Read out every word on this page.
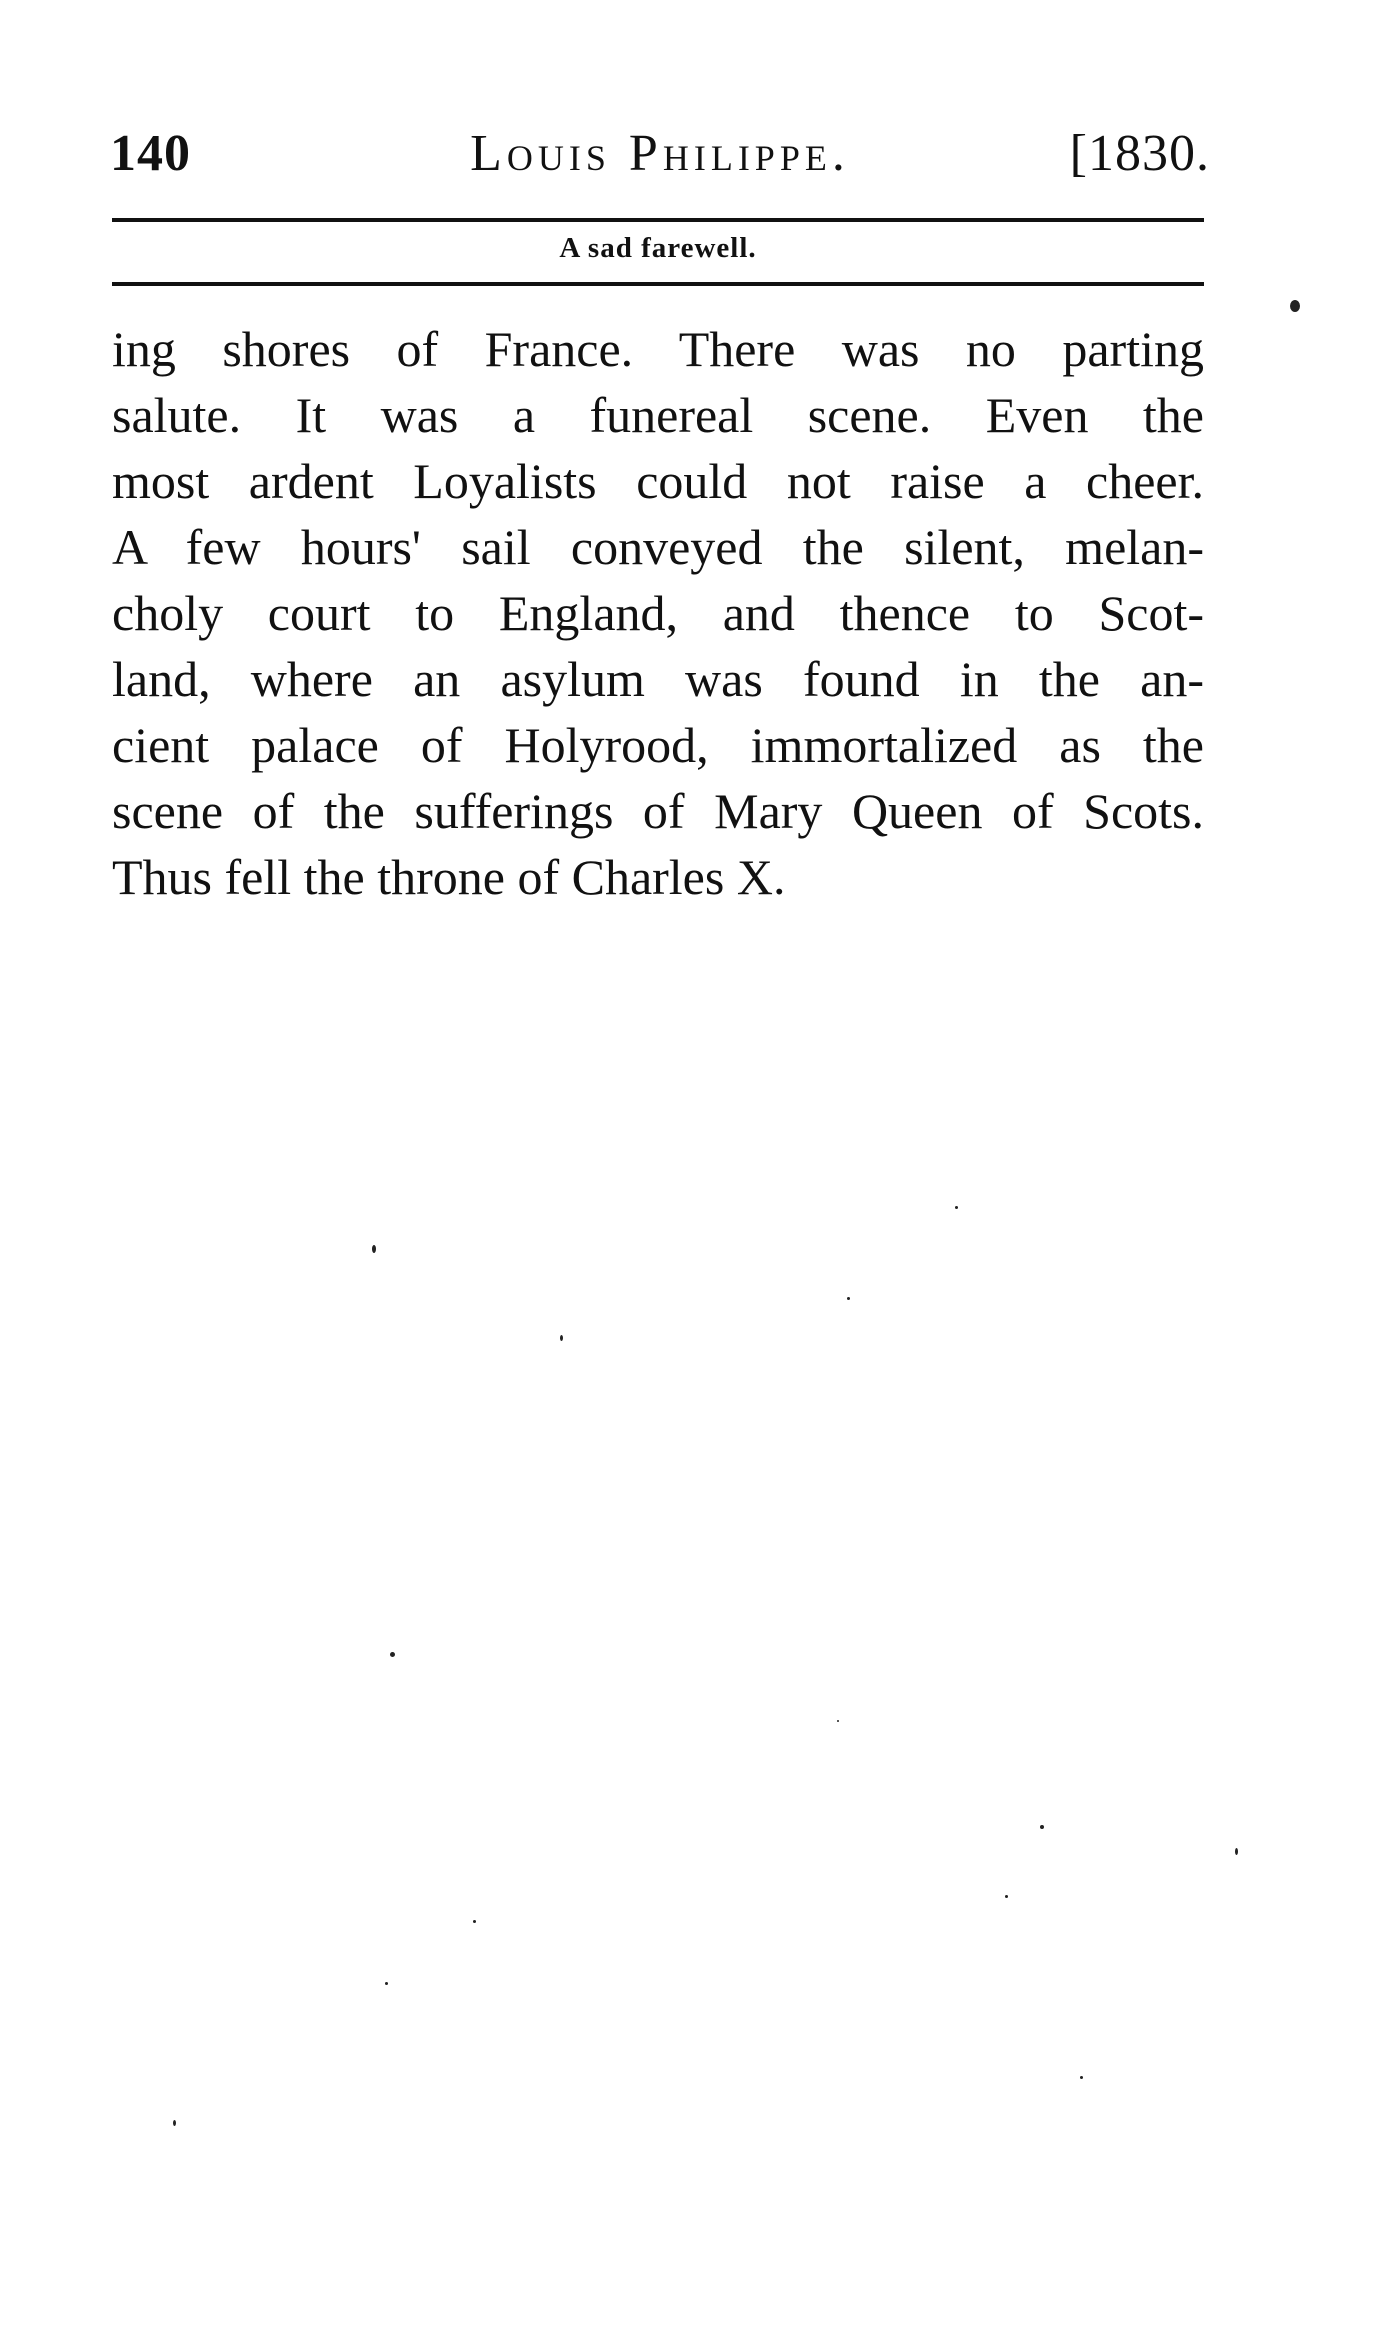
140	Louis Philippe.	[1830.
A sad farewell.
ing shores of France. There was no parting
salute. It was a funereal scene. Even the
most ardent Loyalists could not raise a cheer.
A few hours' sail conveyed the silent, melan-
choly court to England, and thence to Scot-
land, where an asylum was found in the an-
cient palace of Holyrood, immortalized as the
scene of the sufferings of Mary Queen of Scots.
Thus fell the throne of Charles X.
